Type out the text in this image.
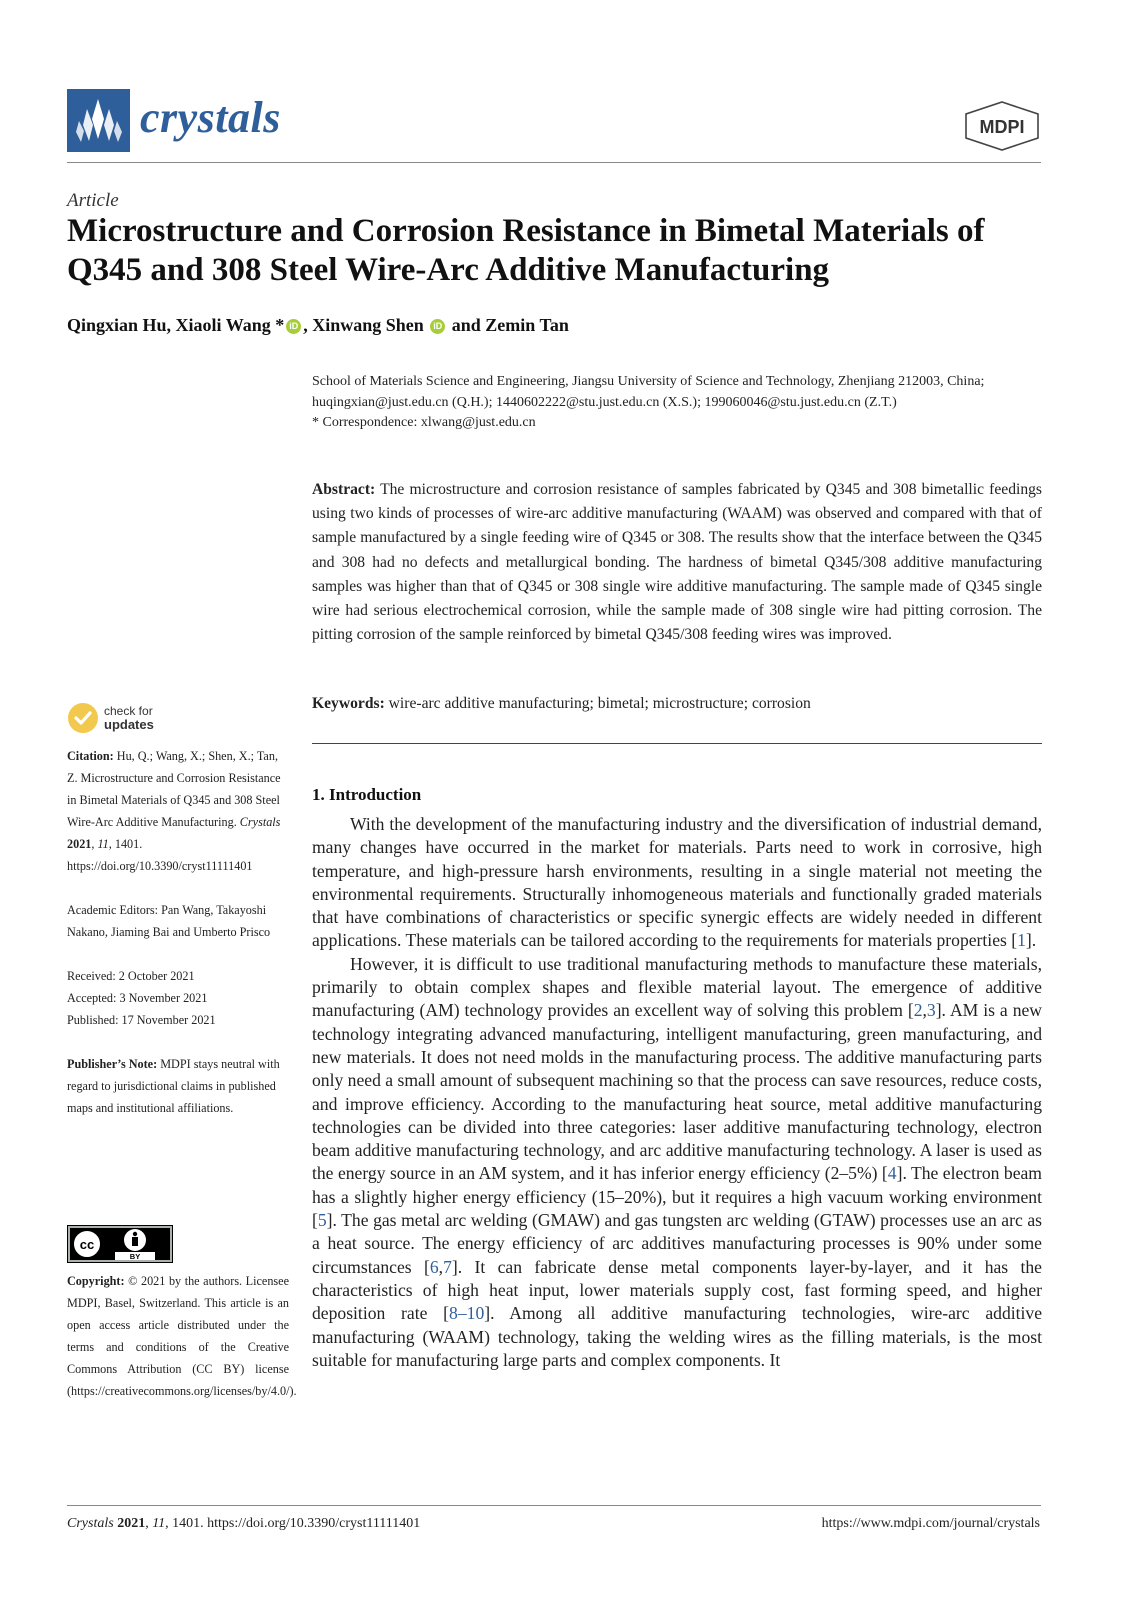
crystals	MDPI
Article
Microstructure and Corrosion Resistance in Bimetal Materials of Q345 and 308 Steel Wire-Arc Additive Manufacturing
Qingxian Hu, Xiaoli Wang * iD , Xinwang Shen iD and Zemin Tan
School of Materials Science and Engineering, Jiangsu University of Science and Technology, Zhenjiang 212003, China; huqingxian@just.edu.cn (Q.H.); 1440602222@stu.just.edu.cn (X.S.); 199060046@stu.just.edu.cn (Z.T.)
* Correspondence: xlwang@just.edu.cn
Abstract: The microstructure and corrosion resistance of samples fabricated by Q345 and 308 bimetallic feedings using two kinds of processes of wire-arc additive manufacturing (WAAM) was observed and compared with that of sample manufactured by a single feeding wire of Q345 or 308. The results show that the interface between the Q345 and 308 had no defects and metallurgical bonding. The hardness of bimetal Q345/308 additive manufacturing samples was higher than that of Q345 or 308 single wire additive manufacturing. The sample made of Q345 single wire had serious electrochemical corrosion, while the sample made of 308 single wire had pitting corrosion. The pitting corrosion of the sample reinforced by bimetal Q345/308 feeding wires was improved.
Keywords: wire-arc additive manufacturing; bimetal; microstructure; corrosion
check for
updates

Citation: Hu, Q.; Wang, X.; Shen, X.; Tan, Z. Microstructure and Corrosion Resistance in Bimetal Materials of Q345 and 308 Steel Wire-Arc Additive Manufacturing. Crystals 2021, 11, 1401. https://doi.org/10.3390/cryst11111401

Academic Editors: Pan Wang, Takayoshi Nakano, Jiaming Bai and Umberto Prisco

Received: 2 October 2021
Accepted: 3 November 2021
Published: 17 November 2021

Publisher’s Note: MDPI stays neutral with regard to jurisdictional claims in published maps and institutional affiliations.

cc
BY
Copyright: © 2021 by the authors. Licensee MDPI, Basel, Switzerland. This article is an open access article distributed under the terms and conditions of the Creative Commons Attribution (CC BY) license (https://creativecommons.org/licenses/by/4.0/).
1. Introduction

With the development of the manufacturing industry and the diversification of industrial demand, many changes have occurred in the market for materials. Parts need to work in corrosive, high temperature, and high-pressure harsh environments, resulting in a single material not meeting the environmental requirements. Structurally inhomogeneous materials and functionally graded materials that have combinations of characteristics or specific synergic effects are widely needed in different applications. These materials can be tailored according to the requirements for materials properties [1].

However, it is difficult to use traditional manufacturing methods to manufacture these materials, primarily to obtain complex shapes and flexible material layout. The emergence of additive manufacturing (AM) technology provides an excellent way of solving this problem [2,3]. AM is a new technology integrating advanced manufacturing, intelligent manufacturing, green manufacturing, and new materials. It does not need molds in the manufacturing process. The additive manufacturing parts only need a small amount of subsequent machining so that the process can save resources, reduce costs, and improve efficiency. According to the manufacturing heat source, metal additive manufacturing technologies can be divided into three categories: laser additive manufacturing technology, electron beam additive manufacturing technology, and arc additive manufacturing technology. A laser is used as the energy source in an AM system, and it has inferior energy efficiency (2–5%) [4]. The electron beam has a slightly higher energy efficiency (15–20%), but it requires a high vacuum working environment [5]. The gas metal arc welding (GMAW) and gas tungsten arc welding (GTAW) processes use an arc as a heat source. The energy efficiency of arc additives manufacturing processes is 90% under some circumstances [6,7]. It can fabricate dense metal components layer-by-layer, and it has the characteristics of high heat input, lower materials supply cost, fast forming speed, and higher deposition rate [8–10]. Among all additive manufacturing technologies, wire-arc additive manufacturing (WAAM) technology, taking the welding wires as the filling materials, is the most suitable for manufacturing large parts and complex components. It

Crystals 2021, 11, 1401. https://doi.org/10.3390/cryst11111401	https://www.mdpi.com/journal/crystals
